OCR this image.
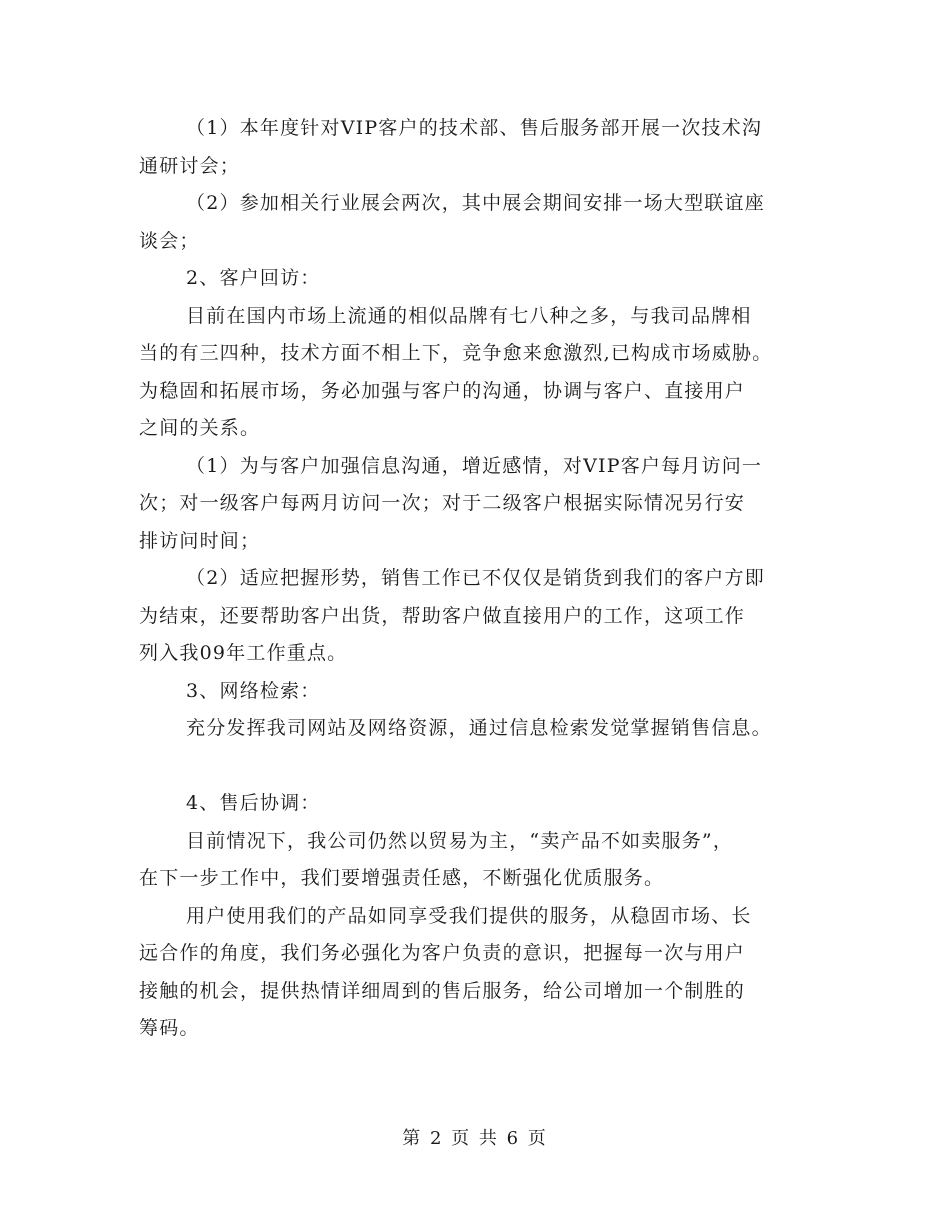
（1）本年度针对VIP客户的技术部、售后服务部开展一次技术沟
通研讨会；
（2）参加相关行业展会两次，其中展会期间安排一场大型联谊座
谈会；
2、客户回访：
目前在国内市场上流通的相似品牌有七八种之多，与我司品牌相
当的有三四种，技术方面不相上下，竞争愈来愈激烈,已构成市场威胁。
为稳固和拓展市场，务必加强与客户的沟通，协调与客户、直接用户
之间的关系。
（1）为与客户加强信息沟通，增近感情，对VIP客户每月访问一
次；对一级客户每两月访问一次；对于二级客户根据实际情况另行安
排访问时间；
（2）适应把握形势，销售工作已不仅仅是销货到我们的客户方即
为结束，还要帮助客户出货，帮助客户做直接用户的工作，这项工作
列入我09年工作重点。
3、网络检索：
充分发挥我司网站及网络资源，通过信息检索发觉掌握销售信息。
4、售后协调：
目前情况下，我公司仍然以贸易为主，“卖产品不如卖服务”，
在下一步工作中，我们要增强责任感，不断强化优质服务。
用户使用我们的产品如同享受我们提供的服务，从稳固市场、长
远合作的角度，我们务必强化为客户负责的意识，把握每一次与用户
接触的机会，提供热情详细周到的售后服务，给公司增加一个制胜的
筹码。
第 2 页 共 6 页
